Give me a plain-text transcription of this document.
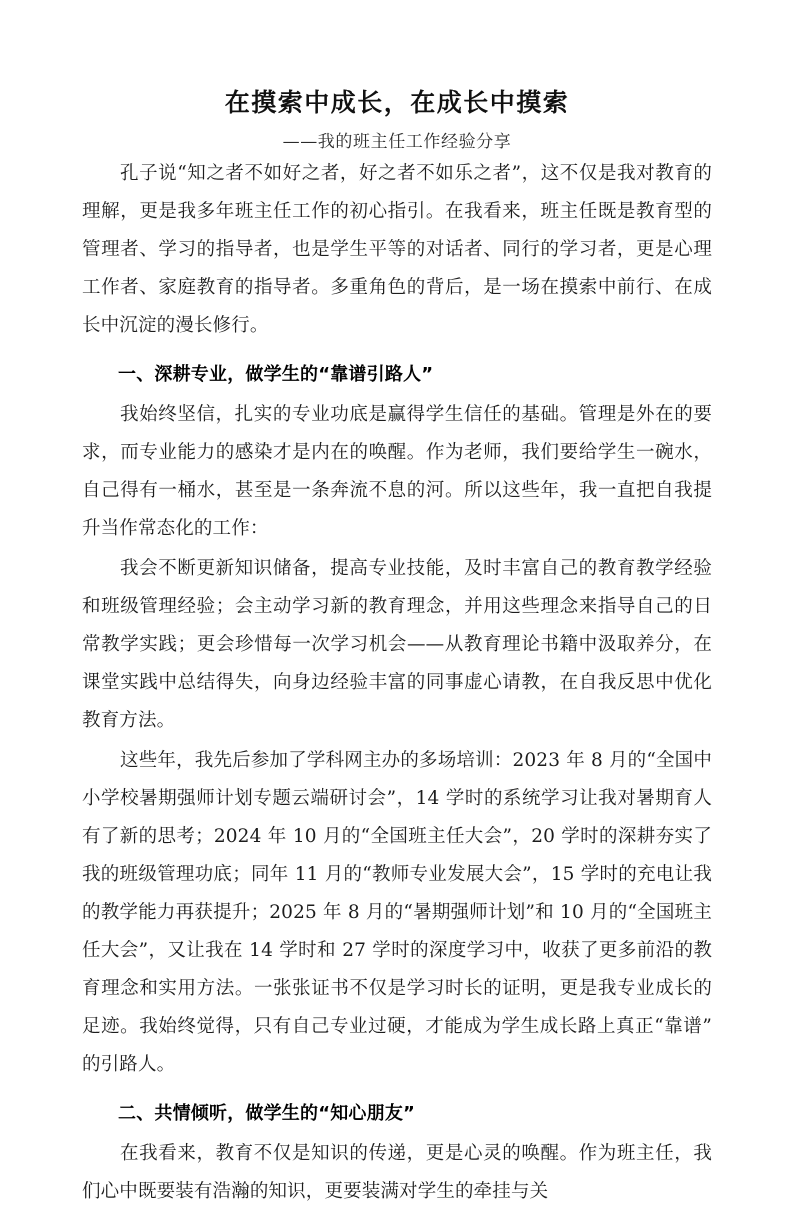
在摸索中成长，在成长中摸索
——我的班主任工作经验分享

孔子说“知之者不如好之者，好之者不如乐之者”，这不仅是我对教育的理解，更是我多年班主任工作的初心指引。在我看来，班主任既是教育型的管理者、学习的指导者，也是学生平等的对话者、同行的学习者，更是心理工作者、家庭教育的指导者。多重角色的背后，是一场在摸索中前行、在成长中沉淀的漫长修行。

一、深耕专业，做学生的“靠谱引路人”

我始终坚信，扎实的专业功底是赢得学生信任的基础。管理是外在的要求，而专业能力的感染才是内在的唤醒。作为老师，我们要给学生一碗水，自己得有一桶水，甚至是一条奔流不息的河。所以这些年，我一直把自我提升当作常态化的工作：

我会不断更新知识储备，提高专业技能，及时丰富自己的教育教学经验和班级管理经验；会主动学习新的教育理念，并用这些理念来指导自己的日常教学实践；更会珍惜每一次学习机会——从教育理论书籍中汲取养分，在课堂实践中总结得失，向身边经验丰富的同事虚心请教，在自我反思中优化教育方法。

这些年，我先后参加了学科网主办的多场培训：2023 年 8 月的“全国中小学校暑期强师计划专题云端研讨会”，14 学时的系统学习让我对暑期育人有了新的思考；2024 年 10 月的“全国班主任大会”，20 学时的深耕夯实了我的班级管理功底；同年 11 月的“教师专业发展大会”，15 学时的充电让我的教学能力再获提升；2025 年 8 月的“暑期强师计划”和 10 月的“全国班主任大会”，又让我在 14 学时和 27 学时的深度学习中，收获了更多前沿的教育理念和实用方法。一张张证书不仅是学习时长的证明，更是我专业成长的足迹。我始终觉得，只有自己专业过硬，才能成为学生成长路上真正“靠谱”的引路人。

二、共情倾听，做学生的“知心朋友”

在我看来，教育不仅是知识的传递，更是心灵的唤醒。作为班主任，我们心中既要装有浩瀚的知识，更要装满对学生的牵挂与关
